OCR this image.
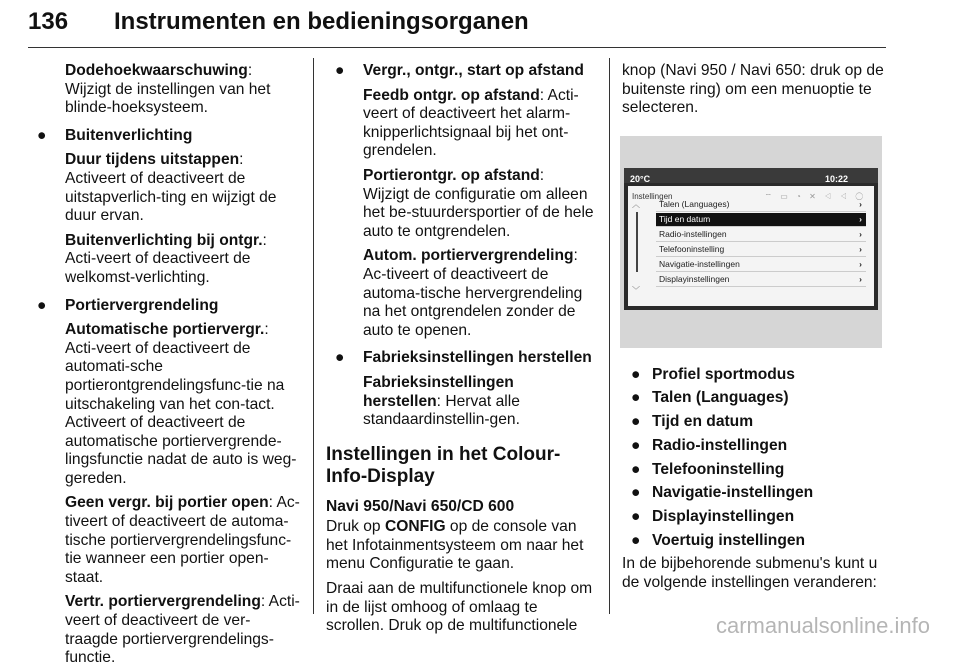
136 Instrumenten en bedieningsorganen

Dodehoekwaarschuwing: Wijzigt de instellingen van het blinde-hoeksysteem.

● Buitenverlichting

Duur tijdens uitstappen: Activeert of deactiveert de uitstapverlich-ting en wijzigt de duur ervan.

Buitenverlichting bij ontgr.: Acti-veert of deactiveert de welkomst-verlichting.

● Portiervergrendeling

Automatische portiervergr.: Acti-veert of deactiveert de automati-sche portierontgrendelingsfunc-tie na uitschakeling van het con-tact. Activeert of deactiveert de automatische portiervergrende-lingsfunctie nadat de auto is weg-gereden.

Geen vergr. bij portier open: Ac-tiveert of deactiveert de automa-tische portiervergrendelingsfunc-tie wanneer een portier open-staat.

Vertr. portiervergrendeling: Acti-veert of deactiveert de ver-traagde portiervergrendelings-functie.

● Vergr., ontgr., start op afstand

Feedb ontgr. op afstand: Acti-veert of deactiveert het alarm-knipperlichtsignaal bij het ont-grendelen.

Portierontgr. op afstand: Wijzigt de configuratie om alleen het be-stuurdersportier of de hele auto te ontgrendelen.

Autom. portiervergrendeling: Ac-tiveert of deactiveert de automa-tische hervergrendeling na het ontgrendelen zonder de auto te openen.

● Fabrieksinstellingen herstellen

Fabrieksinstellingen herstellen: Hervat alle standaardinstellin-gen.

Instellingen in het Colour-Info-Display
Navi 950/Navi 650/CD 600

Druk op CONFIG op de console van het Infotainmentsysteem om naar het menu Configuratie te gaan.

Draai aan de multifunctionele knop om in de lijst omhoog of omlaag te scrollen. Druk op de multifunctionele

knop (Navi 950 / Navi 650: druk op de buitenste ring) om een menuoptie te selecteren.

20°C	10:22
Instellingen	⌔ ▭ ◔ ✕ ◁ ◁ ◯
︿
﹀
Talen (Languages)	›
Tijd en datum	›
Radio-instellingen	›
Telefooninstelling	›
Navigatie-instellingen	›
Displayinstellingen	›
● Profiel sportmodus
● Talen (Languages)
● Tijd en datum
● Radio-instellingen
● Telefooninstelling
● Navigatie-instellingen
● Displayinstellingen
● Voertuig instellingen

In de bijbehorende submenu's kunt u de volgende instellingen veranderen:

carmanualsonline.info
